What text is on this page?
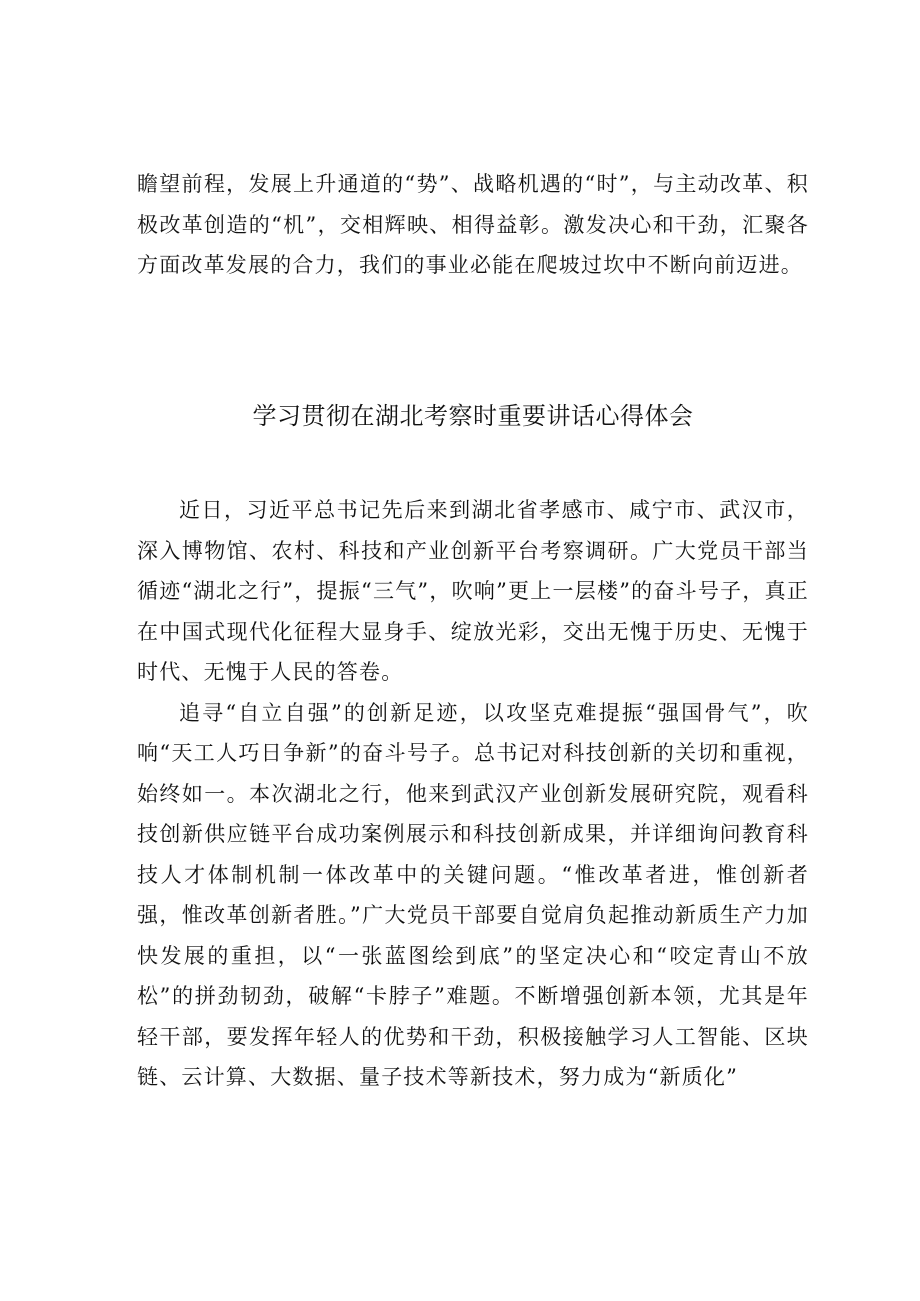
瞻望前程，发展上升通道的“势”、战略机遇的“时”，与主动改革、积极改革创造的“机”，交相辉映、相得益彰。激发决心和干劲，汇聚各方面改革发展的合力，我们的事业必能在爬坡过坎中不断向前迈进。

学习贯彻在湖北考察时重要讲话心得体会

近日，习近平总书记先后来到湖北省孝感市、咸宁市、武汉市，深入博物馆、农村、科技和产业创新平台考察调研。广大党员干部当循迹“湖北之行”，提振“三气”，吹响”更上一层楼”的奋斗号子，真正在中国式现代化征程大显身手、绽放光彩，交出无愧于历史、无愧于时代、无愧于人民的答卷。

追寻“自立自强”的创新足迹，以攻坚克难提振“强国骨气”，吹响“天工人巧日争新”的奋斗号子。总书记对科技创新的关切和重视，始终如一。本次湖北之行，他来到武汉产业创新发展研究院，观看科技创新供应链平台成功案例展示和科技创新成果，并详细询问教育科技人才体制机制一体改革中的关键问题。“惟改革者进，惟创新者强，惟改革创新者胜。”广大党员干部要自觉肩负起推动新质生产力加快发展的重担，以“一张蓝图绘到底”的坚定决心和“咬定青山不放松”的拼劲韧劲，破解“卡脖子”难题。不断增强创新本领，尤其是年轻干部，要发挥年轻人的优势和干劲，积极接触学习人工智能、区块链、云计算、大数据、量子技术等新技术，努力成为“新质化”
